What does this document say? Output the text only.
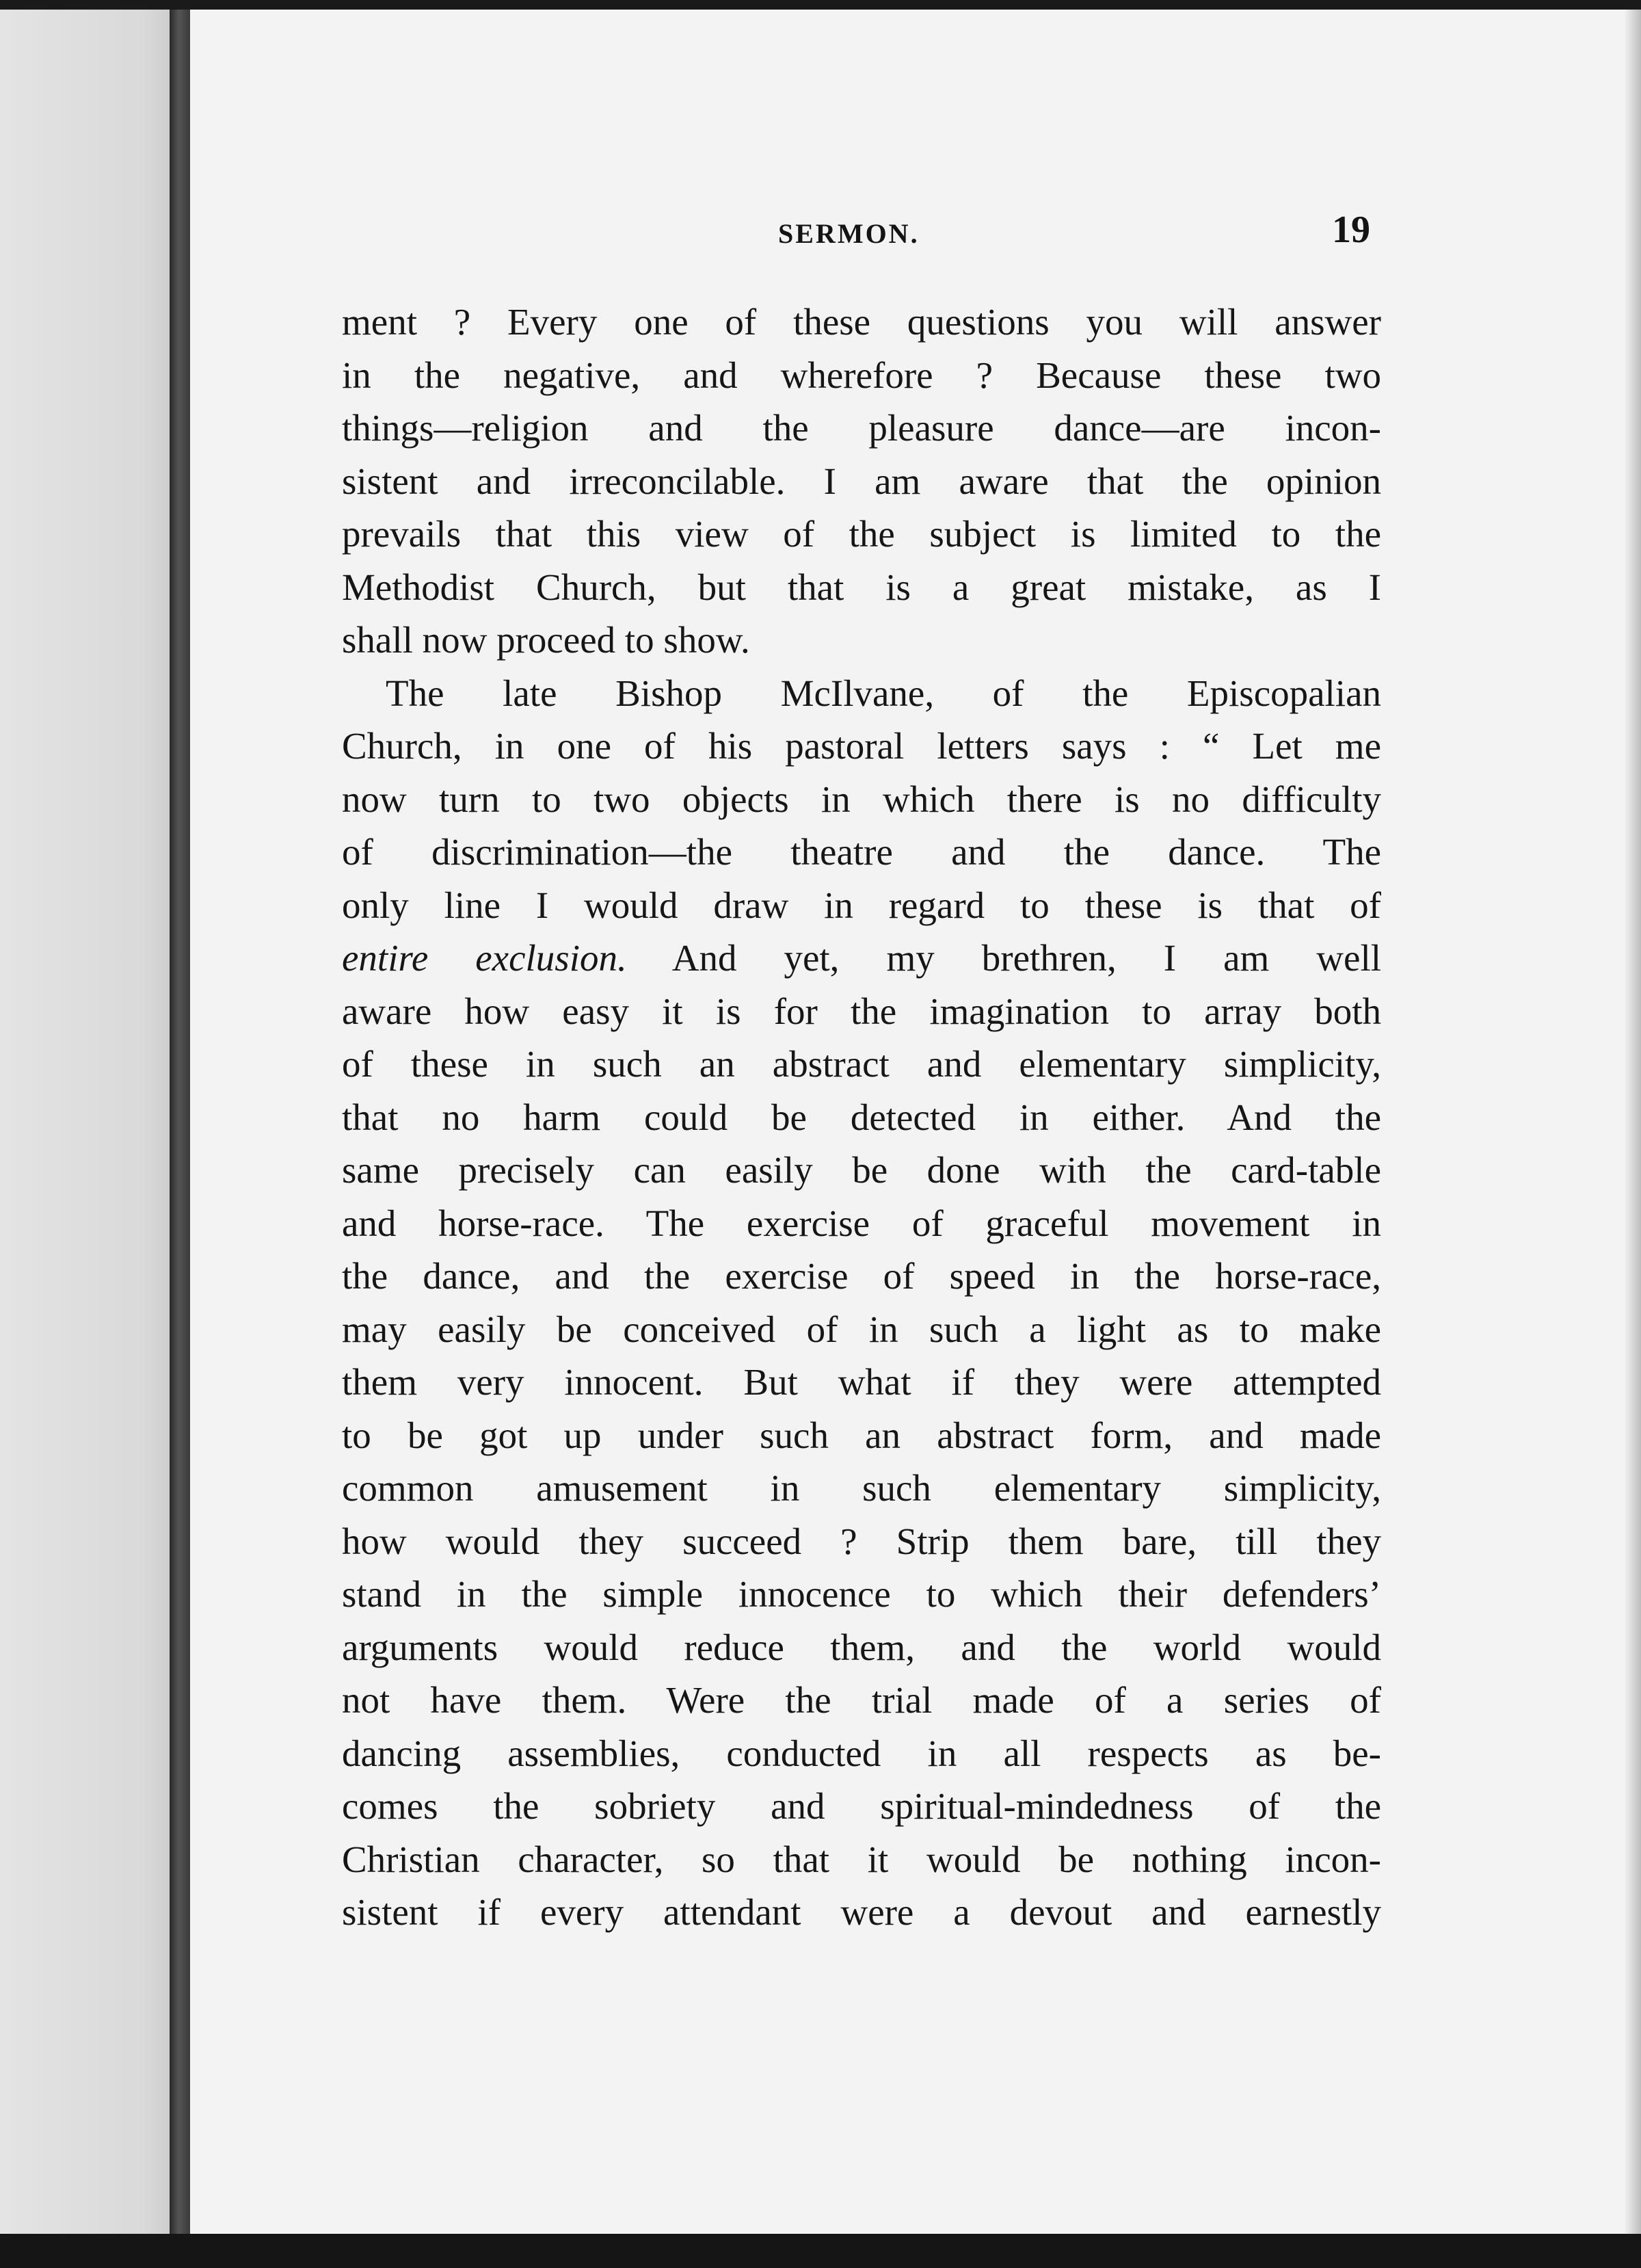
SERMON.	19
ment ? Every one of these questions you will answer
in the negative, and wherefore ? Because these two
things—religion and the pleasure dance—are incon-
sistent and irreconcilable. I am aware that the opinion
prevails that this view of the subject is limited to the
Methodist Church, but that is a great mistake, as I
shall now proceed to show.
The late Bishop McIlvane, of the Episcopalian
Church, in one of his pastoral letters says : “ Let me
now turn to two objects in which there is no difficulty
of discrimination—the theatre and the dance. The
only line I would draw in regard to these is that of
entire exclusion. And yet, my brethren, I am well
aware how easy it is for the imagination to array both
of these in such an abstract and elementary simplicity,
that no harm could be detected in either. And the
same precisely can easily be done with the card-table
and horse-race. The exercise of graceful movement in
the dance, and the exercise of speed in the horse-race,
may easily be conceived of in such a light as to make
them very innocent. But what if they were attempted
to be got up under such an abstract form, and made
common amusement in such elementary simplicity,
how would they succeed ? Strip them bare, till they
stand in the simple innocence to which their defenders’
arguments would reduce them, and the world would
not have them. Were the trial made of a series of
dancing assemblies, conducted in all respects as be-
comes the sobriety and spiritual-mindedness of the
Christian character, so that it would be nothing incon-
sistent if every attendant were a devout and earnestly
